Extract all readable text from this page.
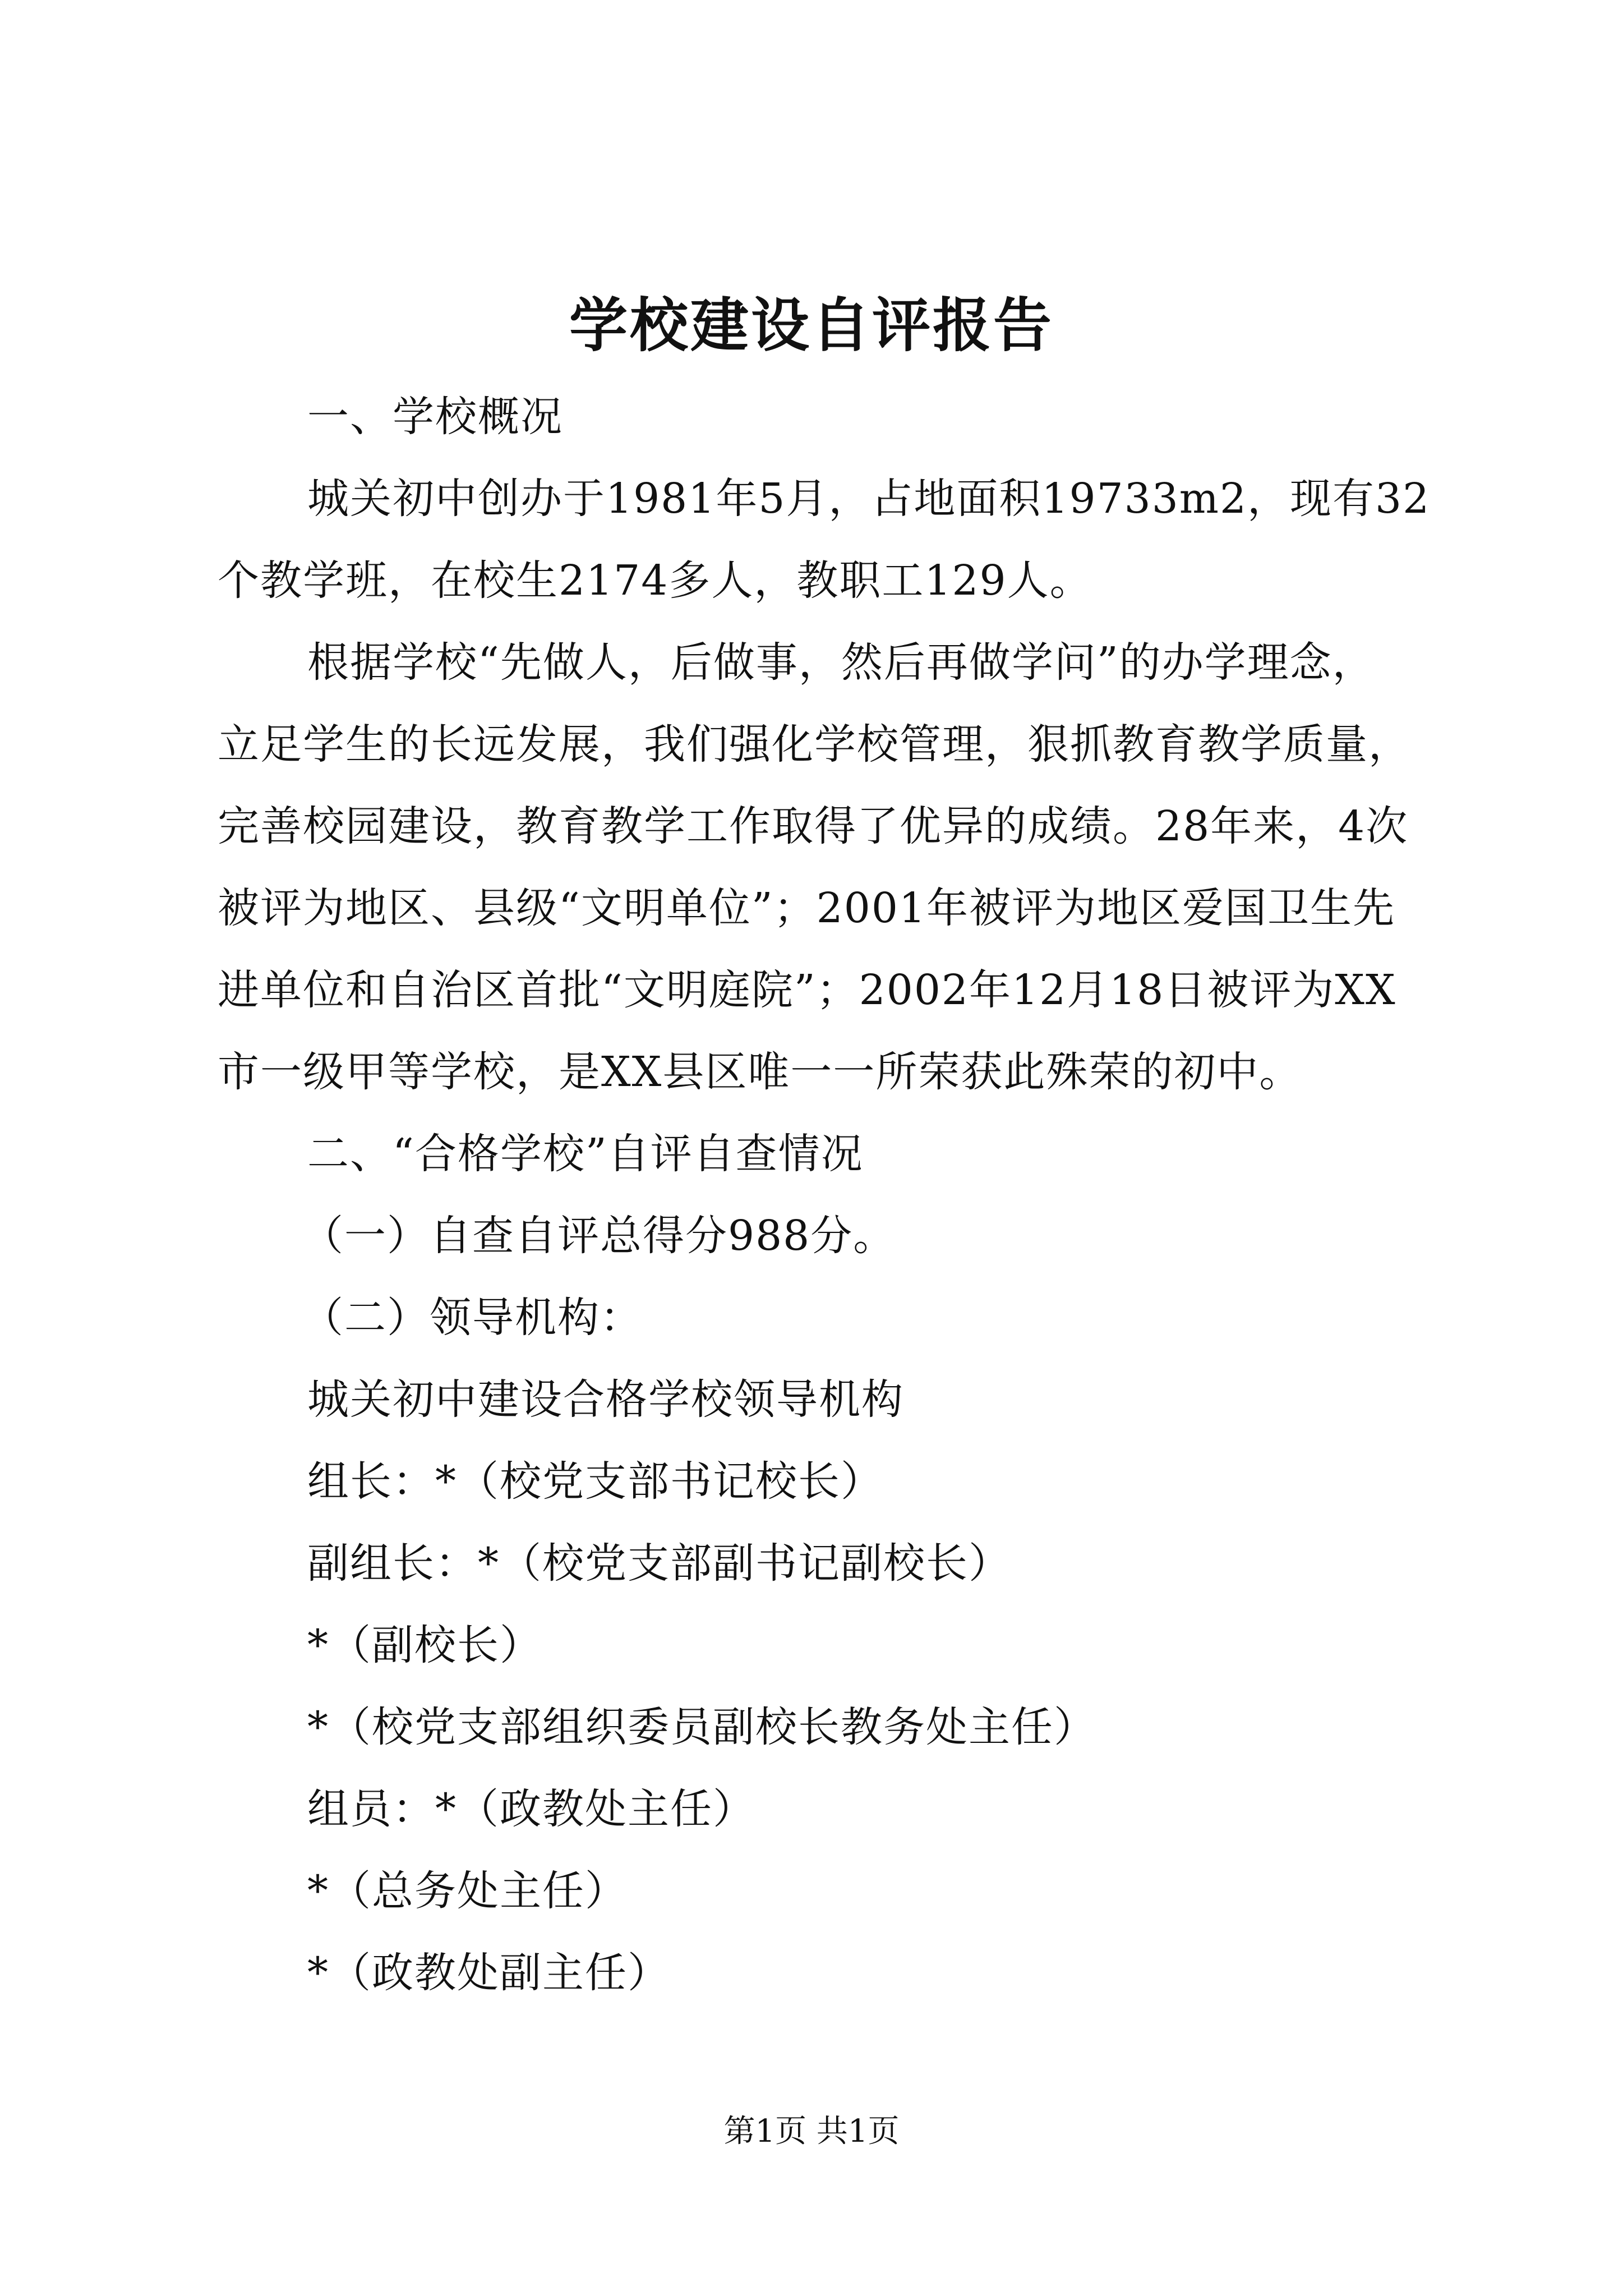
学校建设自评报告
一、学校概况
城关初中创办于1981年5月，占地面积19733m2，现有32
个教学班，在校生2174多人，教职工129人。
根据学校“先做人，后做事，然后再做学问”的办学理念，
立足学生的长远发展，我们强化学校管理，狠抓教育教学质量，
完善校园建设，教育教学工作取得了优异的成绩。28年来，4次
被评为地区、县级“文明单位”；2001年被评为地区爱国卫生先
进单位和自治区首批“文明庭院”；2002年12月18日被评为XX
市一级甲等学校，是XX县区唯一一所荣获此殊荣的初中。
二、“合格学校”自评自查情况
（一）自查自评总得分988分。
（二）领导机构：
城关初中建设合格学校领导机构
组长：*（校党支部书记校长）
副组长：*（校党支部副书记副校长）
*（副校长）
*（校党支部组织委员副校长教务处主任）
组员：*（政教处主任）
*（总务处主任）
*（政教处副主任）
第1页 共1页
